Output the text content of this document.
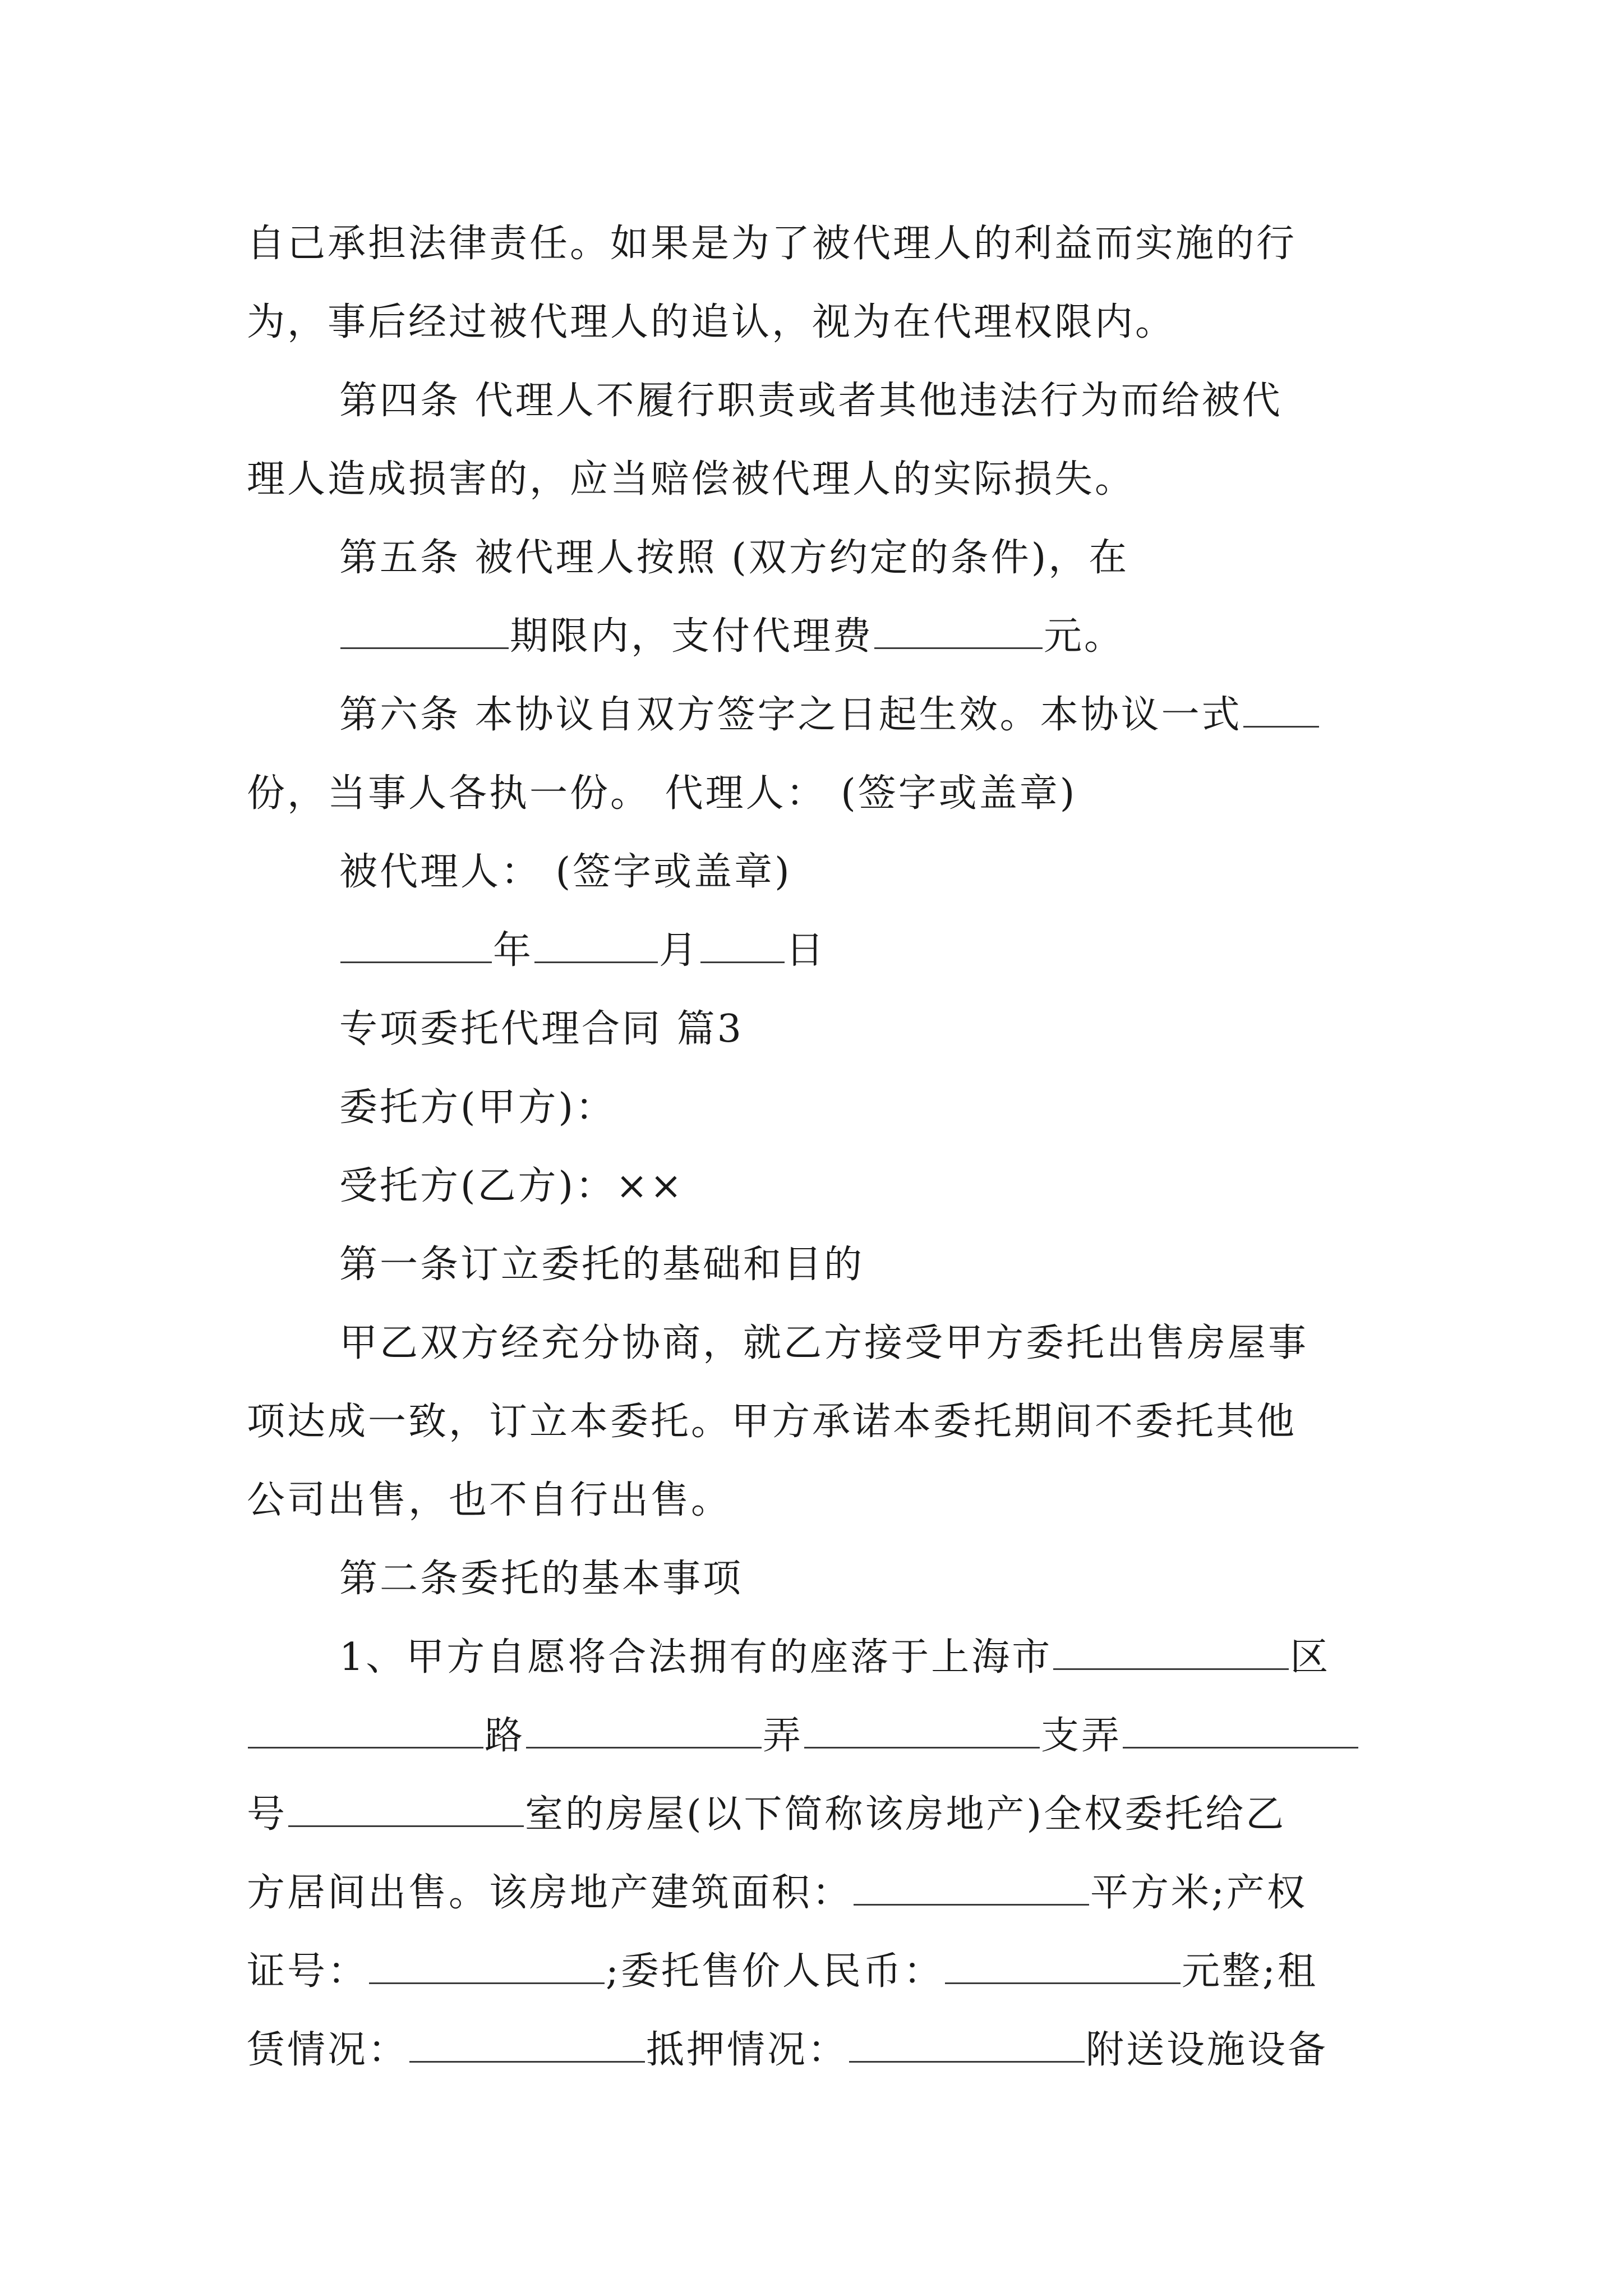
自己承担法律责任。如果是为了被代理人的利益而实施的行
为，事后经过被代理人的追认，视为在代理权限内。
第四条 代理人不履行职责或者其他违法行为而给被代
理人造成损害的，应当赔偿被代理人的实际损失。
第五条 被代理人按照 (双方约定的条件)，在
期限内，支付代理费	元。
第六条 本协议自双方签字之日起生效。本协议一式
份，当事人各执一份。 代理人： (签字或盖章)
被代理人： (签字或盖章)
年	月 日
专项委托代理合同 篇3
委托方(甲方)：
受托方(乙方)：××
第一条订立委托的基础和目的
甲乙双方经充分协商，就乙方接受甲方委托出售房屋事
项达成一致，订立本委托。甲方承诺本委托期间不委托其他
公司出售，也不自行出售。
第二条委托的基本事项
1、甲方自愿将合法拥有的座落于上海市	区
路	弄	支弄
号	室的房屋(以下简称该房地产)全权委托给乙
方居间出售。该房地产建筑面积：	平方米;产权
证号：	;委托售价人民币：	元整;租
赁情况：	抵押情况：	附送设施设备
